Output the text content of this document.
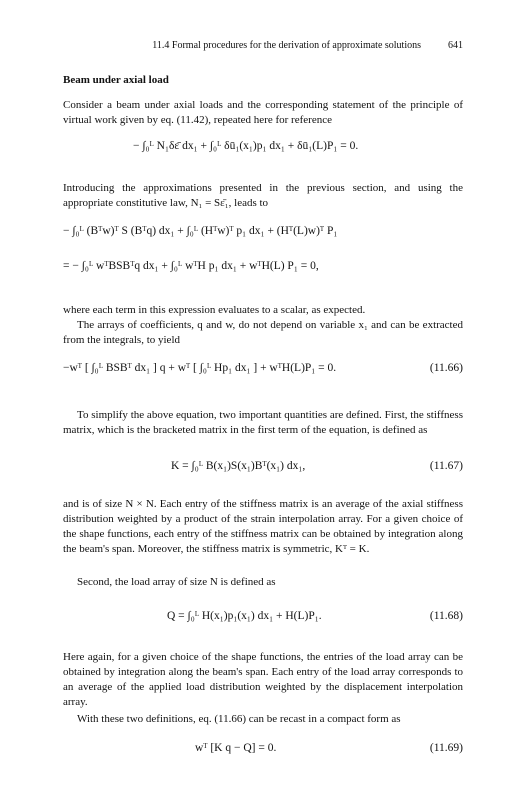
11.4 Formal procedures for the derivation of approximate solutions	641
Beam under axial load

Consider a beam under axial loads and the corresponding statement of the principle of virtual work given by eq. (11.42), repeated here for reference

− ∫₀ᴸ N₁δε̄ dx₁ + ∫₀ᴸ δū₁(x₁)p₁ dx₁ + δū₁(L)P₁ = 0.

Introducing the approximations presented in the previous section, and using the appropriate constitutive law, N₁ = Sε̄₁, leads to

− ∫₀ᴸ (Bᵀw)ᵀ S (Bᵀq) dx₁ + ∫₀ᴸ (Hᵀw)ᵀ p₁ dx₁ + (Hᵀ(L)w)ᵀ P₁
= − ∫₀ᴸ wᵀBSBᵀq dx₁ + ∫₀ᴸ wᵀH p₁ dx₁ + wᵀH(L) P₁ = 0,

where each term in this expression evaluates to a scalar, as expected.

The arrays of coefficients, q and w, do not depend on variable x₁ and can be extracted from the integrals, to yield

−wᵀ [ ∫₀ᴸ BSBᵀ dx₁ ] q + wᵀ [ ∫₀ᴸ Hp₁ dx₁ ] + wᵀH(L)P₁ = 0.	(11.66)

To simplify the above equation, two important quantities are defined. First, the stiffness matrix, which is the bracketed matrix in the first term of the equation, is defined as

K = ∫₀ᴸ B(x₁)S(x₁)Bᵀ(x₁) dx₁,	(11.67)

and is of size N × N. Each entry of the stiffness matrix is an average of the axial stiffness distribution weighted by a product of the strain interpolation array. For a given choice of the shape functions, each entry of the stiffness matrix can be obtained by integration along the beam's span. Moreover, the stiffness matrix is symmetric, Kᵀ = K.

Second, the load array of size N is defined as

Q = ∫₀ᴸ H(x₁)p₁(x₁) dx₁ + H(L)P₁.	(11.68)

Here again, for a given choice of the shape functions, the entries of the load array can be obtained by integration along the beam's span. Each entry of the load array corresponds to an average of the applied load distribution weighted by the displacement interpolation array.

With these two definitions, eq. (11.66) can be recast in a compact form as

wᵀ [K q − Q] = 0.	(11.69)
